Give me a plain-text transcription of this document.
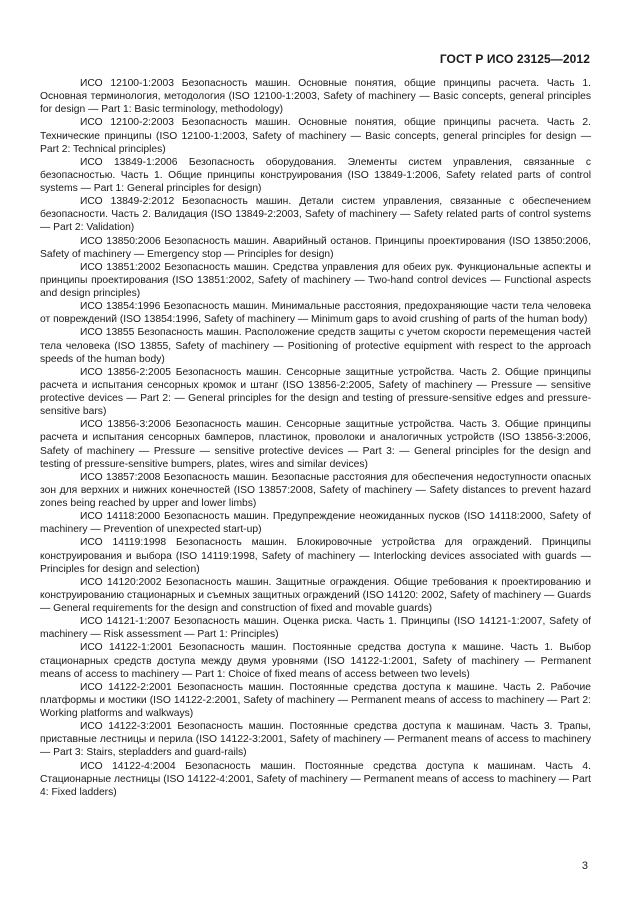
ГОСТ Р ИСО 23125—2012

ИСО 12100-1:2003 Безопасность машин. Основные понятия, общие принципы расчета. Часть 1. Основная терминология, методология (ISO 12100-1:2003, Safety of machinery — Basic concepts, general principles for design — Part 1: Basic terminology, methodology)

ИСО 12100-2:2003 Безопасность машин. Основные понятия, общие принципы расчета. Часть 2. Технические принципы (ISO 12100-1:2003, Safety of machinery — Basic concepts, general principles for design — Part 2: Technical principles)

ИСО 13849-1:2006 Безопасность оборудования. Элементы систем управления, связанные с безопасностью. Часть 1. Общие принципы конструирования (ISO 13849-1:2006, Safety related parts of control systems — Part 1: General principles for design)

ИСО 13849-2:2012 Безопасность машин. Детали систем управления, связанные с обеспечением безопасности. Часть 2. Валидация (ISO 13849-2:2003, Safety of machinery — Safety related parts of control systems — Part 2: Validation)

ИСО 13850:2006 Безопасность машин. Аварийный останов. Принципы проектирования (ISO 13850:2006, Safety of machinery — Emergency stop — Principles for design)

ИСО 13851:2002 Безопасность машин. Средства управления для обеих рук. Функциональные аспекты и принципы проектирования (ISO 13851:2002, Safety of machinery — Two-hand control devices — Functional aspects and design principles)

ИСО 13854:1996 Безопасность машин. Минимальные расстояния, предохраняющие части тела человека от повреждений (ISO 13854:1996, Safety of machinery — Minimum gaps to avoid crushing of parts of the human body)

ИСО 13855 Безопасность машин. Расположение средств защиты с учетом скорости перемещения частей тела человека (ISO 13855, Safety of machinery — Positioning of protective equipment with respect to the approach speeds of the human body)

ИСО 13856-2:2005 Безопасность машин. Сенсорные защитные устройства. Часть 2. Общие принципы расчета и испытания сенсорных кромок и штанг (ISO 13856-2:2005, Safety of machinery — Pressure — sensitive protective devices — Part 2: — General principles for the design and testing of pressure-sensitive edges and pressure-sensitive bars)

ИСО 13856-3:2006 Безопасность машин. Сенсорные защитные устройства. Часть 3. Общие принципы расчета и испытания сенсорных бамперов, пластинок, проволоки и аналогичных устройств (ISO 13856-3:2006, Safety of machinery — Pressure — sensitive protective devices — Part 3: — General principles for the design and testing of pressure-sensitive bumpers, plates, wires and similar devices)

ИСО 13857:2008 Безопасность машин. Безопасные расстояния для обеспечения недоступности опасных зон для верхних и нижних конечностей (ISO 13857:2008, Safety of machinery — Safety distances to prevent hazard zones being reached by upper and lower limbs)

ИСО 14118:2000 Безопасность машин. Предупреждение неожиданных пусков (ISO 14118:2000, Safety of machinery — Prevention of unexpected start-up)

ИСО 14119:1998 Безопасность машин. Блокировочные устройства для ограждений. Принципы конструирования и выбора (ISO 14119:1998, Safety of machinery — Interlocking devices associated with guards — Principles for design and selection)

ИСО 14120:2002 Безопасность машин. Защитные ограждения. Общие требования к проектированию и конструированию стационарных и съемных защитных ограждений (ISO 14120: 2002, Safety of machinery — Guards — General requirements for the design and construction of fixed and movable guards)

ИСО 14121-1:2007 Безопасность машин. Оценка риска. Часть 1. Принципы (ISO 14121-1:2007, Safety of machinery — Risk assessment — Part 1: Principles)

ИСО 14122-1:2001 Безопасность машин. Постоянные средства доступа к машине. Часть 1. Выбор стационарных средств доступа между двумя уровнями (ISO 14122-1:2001, Safety of machinery — Permanent means of access to machinery — Part 1: Choice of fixed means of access between two levels)

ИСО 14122-2:2001 Безопасность машин. Постоянные средства доступа к машине. Часть 2. Рабочие платформы и мостики (ISO 14122-2:2001, Safety of machinery — Permanent means of access to machinery — Part 2: Working platforms and walkways)

ИСО 14122-3:2001 Безопасность машин. Постоянные средства доступа к машинам. Часть 3. Трапы, приставные лестницы и перила (ISO 14122-3:2001, Safety of machinery — Permanent means of access to machinery — Part 3: Stairs, stepladders and guard-rails)

ИСО 14122-4:2004 Безопасность машин. Постоянные средства доступа к машинам. Часть 4. Стационарные лестницы (ISO 14122-4:2001, Safety of machinery — Permanent means of access to machinery — Part 4: Fixed ladders)

3
